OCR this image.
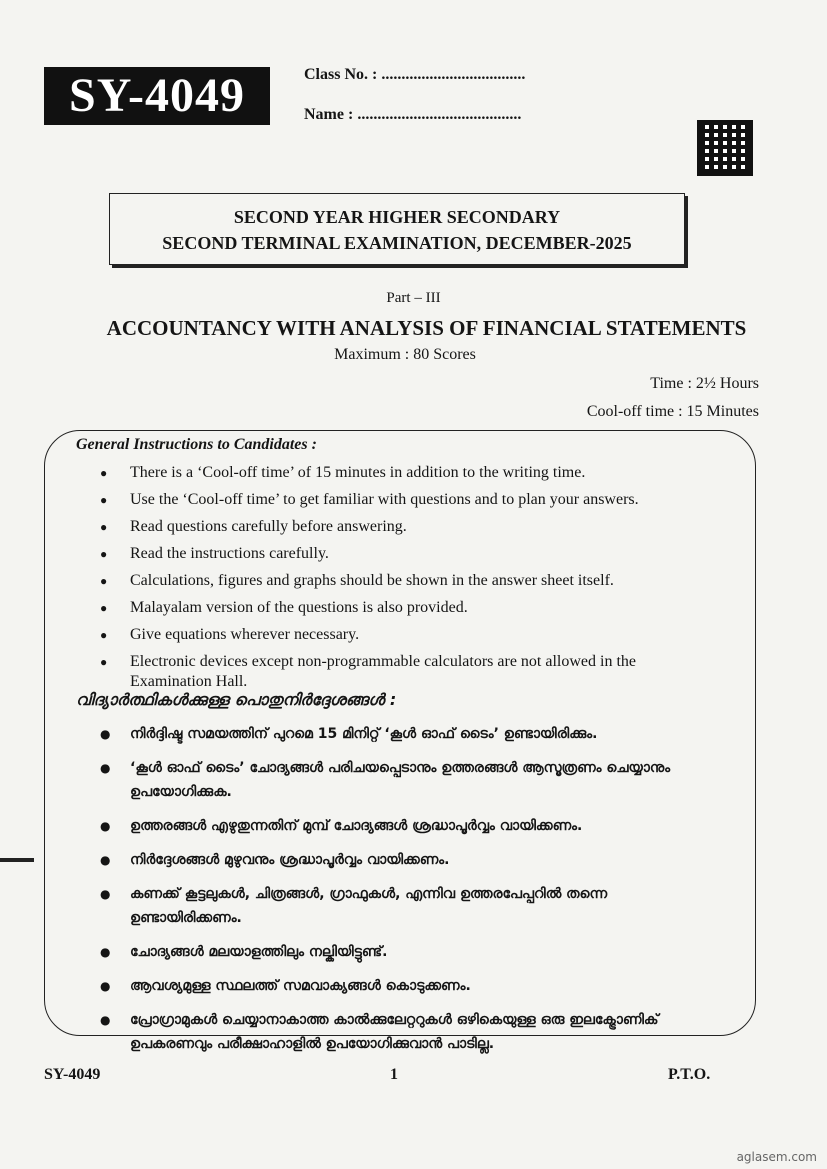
SY-4049	Class No. : ....................................
Name : .........................................
SECOND YEAR HIGHER SECONDARY
SECOND TERMINAL EXAMINATION, DECEMBER-2025
Part – III
ACCOUNTANCY WITH ANALYSIS OF FINANCIAL STATEMENTS
Maximum : 80 Scores
Time : 2½ Hours
Cool-off time : 15 Minutes
General Instructions to Candidates :
● There is a ‘Cool-off time’ of 15 minutes in addition to the writing time.
● Use the ‘Cool-off time’ to get familiar with questions and to plan your answers.
● Read questions carefully before answering.
● Read the instructions carefully.
● Calculations, figures and graphs should be shown in the answer sheet itself.
● Malayalam version of the questions is also provided.
● Give equations wherever necessary.
● Electronic devices except non-programmable calculators are not allowed in the Examination Hall.
വിദ്യാർത്ഥികൾക്കുള്ള പൊതുനിർദ്ദേശങ്ങൾ :
● നിർദ്ദിഷ്ട സമയത്തിന് പുറമെ 15 മിനിറ്റ് ‘കൂൾ ഓഫ് ടൈം’ ഉണ്ടായിരിക്കും.
● ‘കൂൾ ഓഫ് ടൈം’ ചോദ്യങ്ങൾ പരിചയപ്പെടാനും ഉത്തരങ്ങൾ ആസൂത്രണം ചെയ്യാനും ഉപയോഗിക്കുക.
● ഉത്തരങ്ങൾ എഴുതുന്നതിന് മുമ്പ് ചോദ്യങ്ങൾ ശ്രദ്ധാപൂർവ്വം വായിക്കണം.
● നിർദ്ദേശങ്ങൾ മുഴുവനും ശ്രദ്ധാപൂർവ്വം വായിക്കണം.
● കണക്ക് കൂട്ടലുകൾ, ചിത്രങ്ങൾ, ഗ്രാഫുകൾ, എന്നിവ ഉത്തരപേപ്പറിൽ തന്നെ ഉണ്ടായിരിക്കണം.
● ചോദ്യങ്ങൾ മലയാളത്തിലും നല്കിയിട്ടുണ്ട്.
● ആവശ്യമുള്ള സ്ഥലത്ത് സമവാക്യങ്ങൾ കൊടുക്കണം.
● പ്രോഗ്രാമുകൾ ചെയ്യാനാകാത്ത കാൽക്കുലേറ്ററുകൾ ഒഴികെയുള്ള ഒരു ഇലക്ട്രോണിക് ഉപകരണവും പരീക്ഷാഹാളിൽ ഉപയോഗിക്കുവാൻ പാടില്ല.
SY-4049	1	P.T.O.
aglasem.com
